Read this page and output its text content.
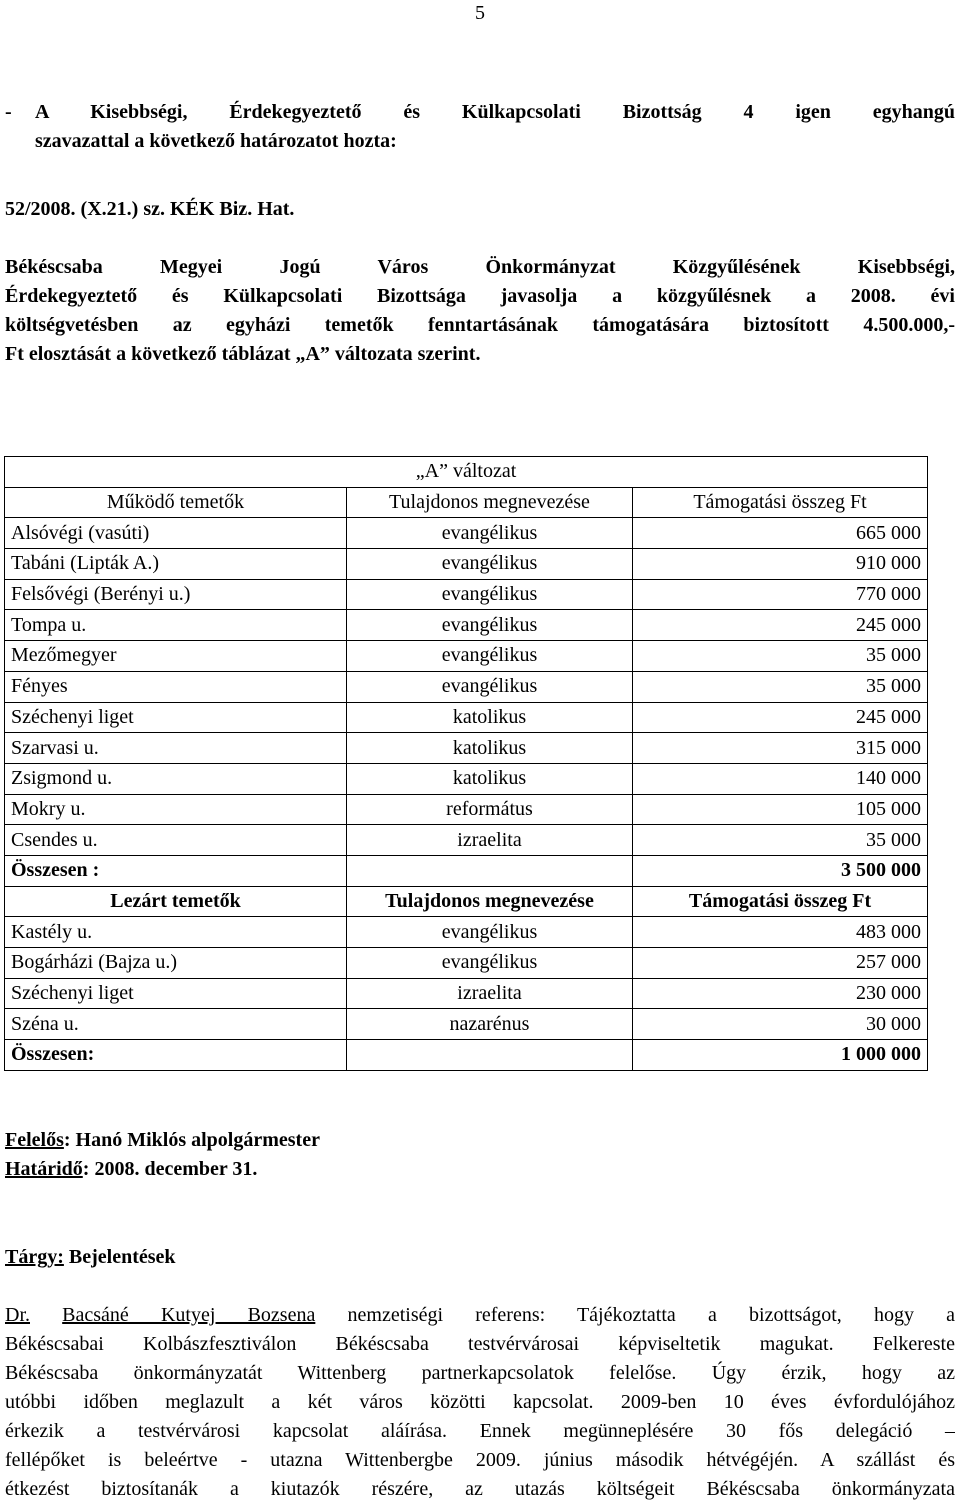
5
-	A Kisebbségi, Érdekegyeztető és Külkapcsolati Bizottság 4 igen egyhangú
szavazattal a következő határozatot hozta:
52/2008. (X.21.) sz. KÉK Biz. Hat.
Békéscsaba Megyei Jogú Város Önkormányzat Közgyűlésének Kisebbségi,
Érdekegyeztető és Külkapcsolati Bizottsága javasolja a közgyűlésnek a 2008. évi
költségvetésben az egyházi temetők fenntartásának támogatására biztosított 4.500.000,-
Ft elosztását a következő táblázat „A” változata szerint.
„A” változat		
Működő temetők	Tulajdonos megnevezése	Támogatási összeg Ft
Alsóvégi (vasúti)	evangélikus	665 000
Tabáni (Lipták A.)	evangélikus	910 000
Felsővégi (Berényi u.)	evangélikus	770 000
Tompa u.	evangélikus	245 000
Mezőmegyer	evangélikus	35 000
Fényes	evangélikus	35 000
Széchenyi liget	katolikus	245 000
Szarvasi u.	katolikus	315 000
Zsigmond u.	katolikus	140 000
Mokry u.	református	105 000
Csendes u.	izraelita	35 000
Összesen :		3 500 000
Lezárt temetők	Tulajdonos megnevezése	Támogatási összeg Ft
Kastély u.	evangélikus	483 000
Bogárházi (Bajza u.)	evangélikus	257 000
Széchenyi liget	izraelita	230 000
Széna u.	nazarénus	30 000
Összesen:		1 000 000
Felelős: Hanó Miklós alpolgármester
Határidő: 2008. december 31.
Tárgy: Bejelentések
Dr. Bacsáné Kutyej Bozsena nemzetiségi referens: Tájékoztatta a bizottságot, hogy a
Békéscsabai Kolbászfesztiválon Békéscsaba testvérvárosai képviseltetik magukat. Felkereste
Békéscsaba önkormányzatát Wittenberg partnerkapcsolatok felelőse. Úgy érzik, hogy az
utóbbi időben meglazult a két város közötti kapcsolat. 2009-ben 10 éves évfordulójához
érkezik a testvérvárosi kapcsolat aláírása. Ennek megünneplésére 30 fős delegáció –
fellépőket is beleértve - utazna Wittenbergbe 2009. június második hétvégéjén. A szállást és
étkezést biztosítanák a kiutazók részére, az utazás költségeit Békéscsaba önkormányzata
